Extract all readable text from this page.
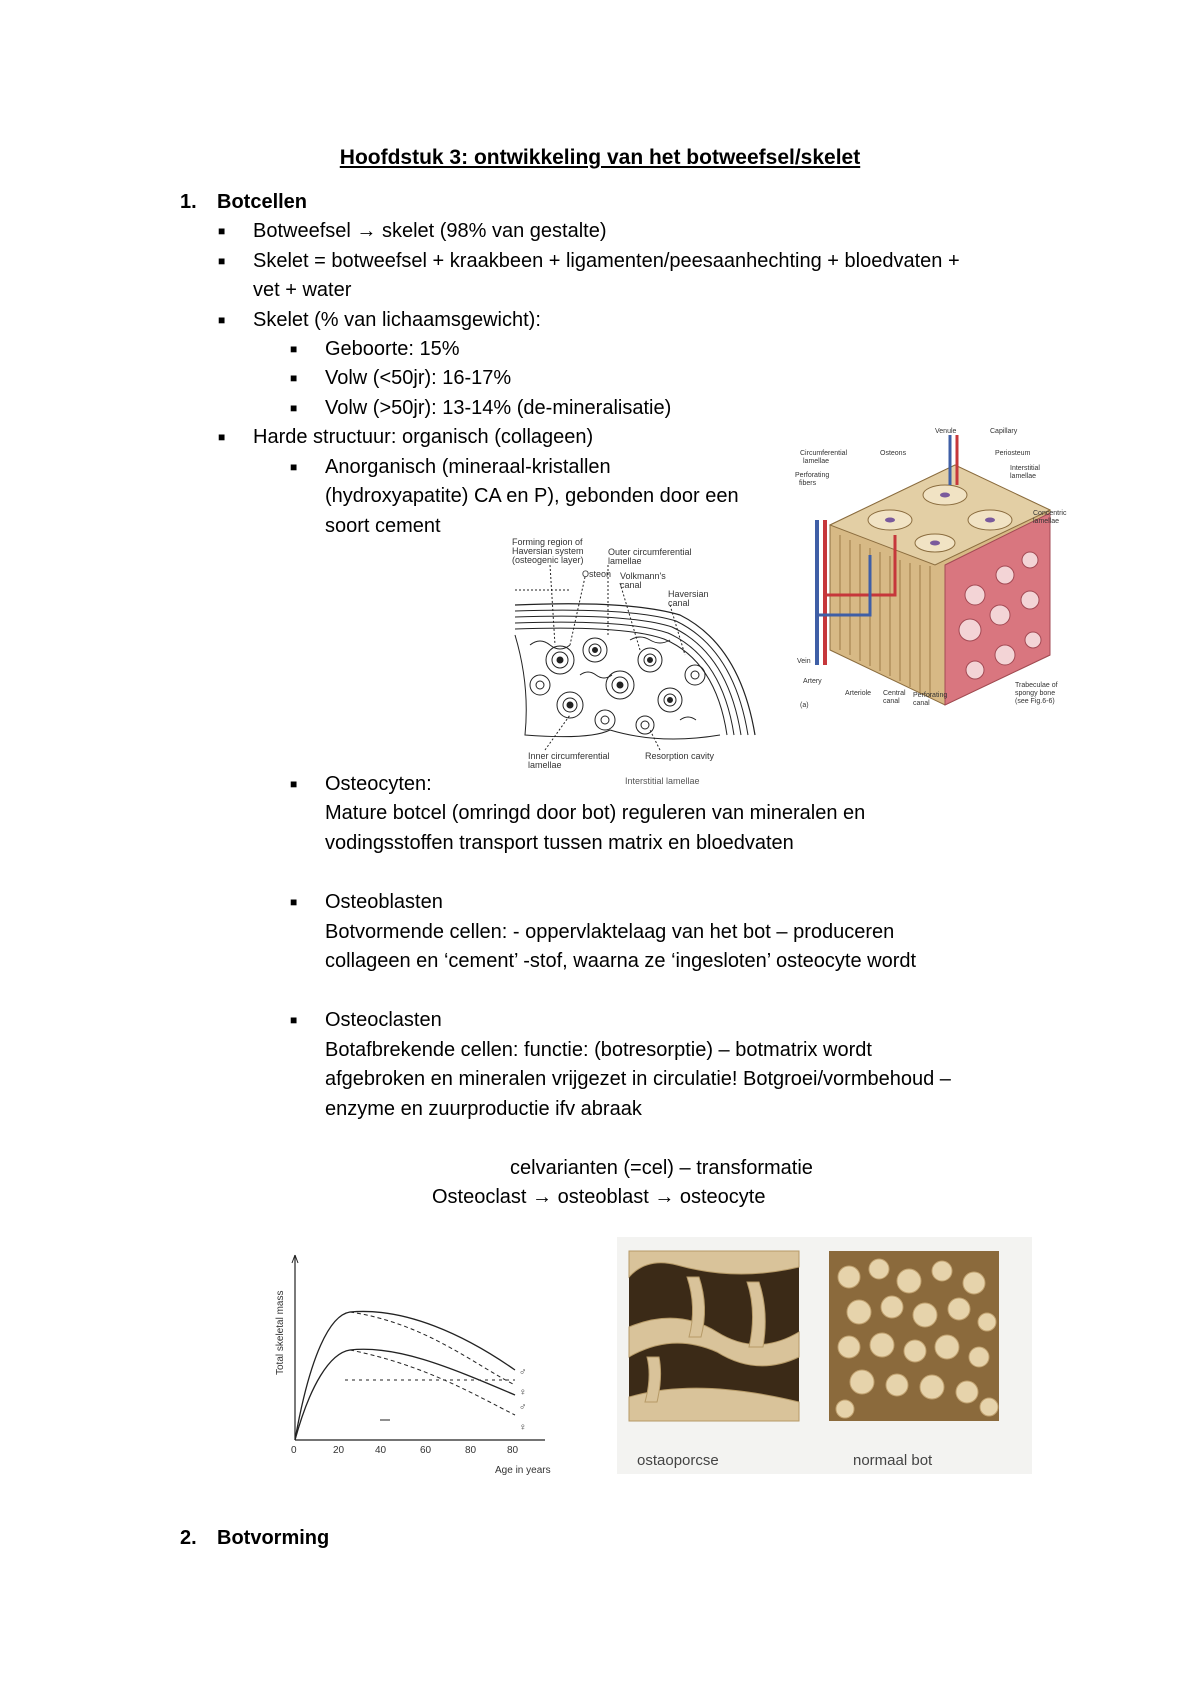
Hoofdstuk 3: ontwikkeling van het botweefsel/skelet
1. Botcellen
■ Botweefsel → skelet (98% van gestalte)
■ Skelet = botweefsel + kraakbeen + ligamenten/peesaanhechting + bloedvaten +
vet + water
■ Skelet (% van lichaamsgewicht):
■ Geboorte: 15%
■ Volw (<50jr): 16-17%
■ Volw (>50jr): 13-14% (de-mineralisatie)
■ Harde structuur: organisch (collageen)
■ Anorganisch (mineraal-kristallen
(hydroxyapatite) CA en P), gebonden door een
soort cement
Forming region of
Haversian system
(osteogenic layer)
Outer circumferential
lamellae
Osteon Volkmann's
canal
Haversian
canal
Inner circumferential
lamellae
Resorption cavity
Interstitial lamellae
Venule	Capillary
Circumferential
lamellae
Osteons	Periosteum
Perforating
fibers
Interstitial
lamellae
Concentric
lamellae
Vein
Artery
Arteriole Central
canal
Perforating
canal
Trabeculae of
spongy bone
(see Fig.6-6)
(a)
■ Osteocyten:
Mature botcel (omringd door bot) reguleren van mineralen en
vodingsstoffen transport tussen matrix en bloedvaten
■ Osteoblasten
Botvormende cellen: - oppervlaktelaag van het bot – produceren
collageen en ‘cement’ -stof, waarna ze ‘ingesloten’ osteocyte wordt
■ Osteoclasten
Botafbrekende cellen: functie: (botresorptie) – botmatrix wordt
afgebroken en mineralen vrijgezet in circulatie! Botgroei/vormbehoud –
enzyme en zuurproductie ifv abraak
celvarianten (=cel) – transformatie
Osteoclast → osteoblast → osteocyte
0	20	40	60	80	80
Age in years
Total skeletal mass	♂
♀
♂
♀
ostaoporcse	normaal bot
2. Botvorming
